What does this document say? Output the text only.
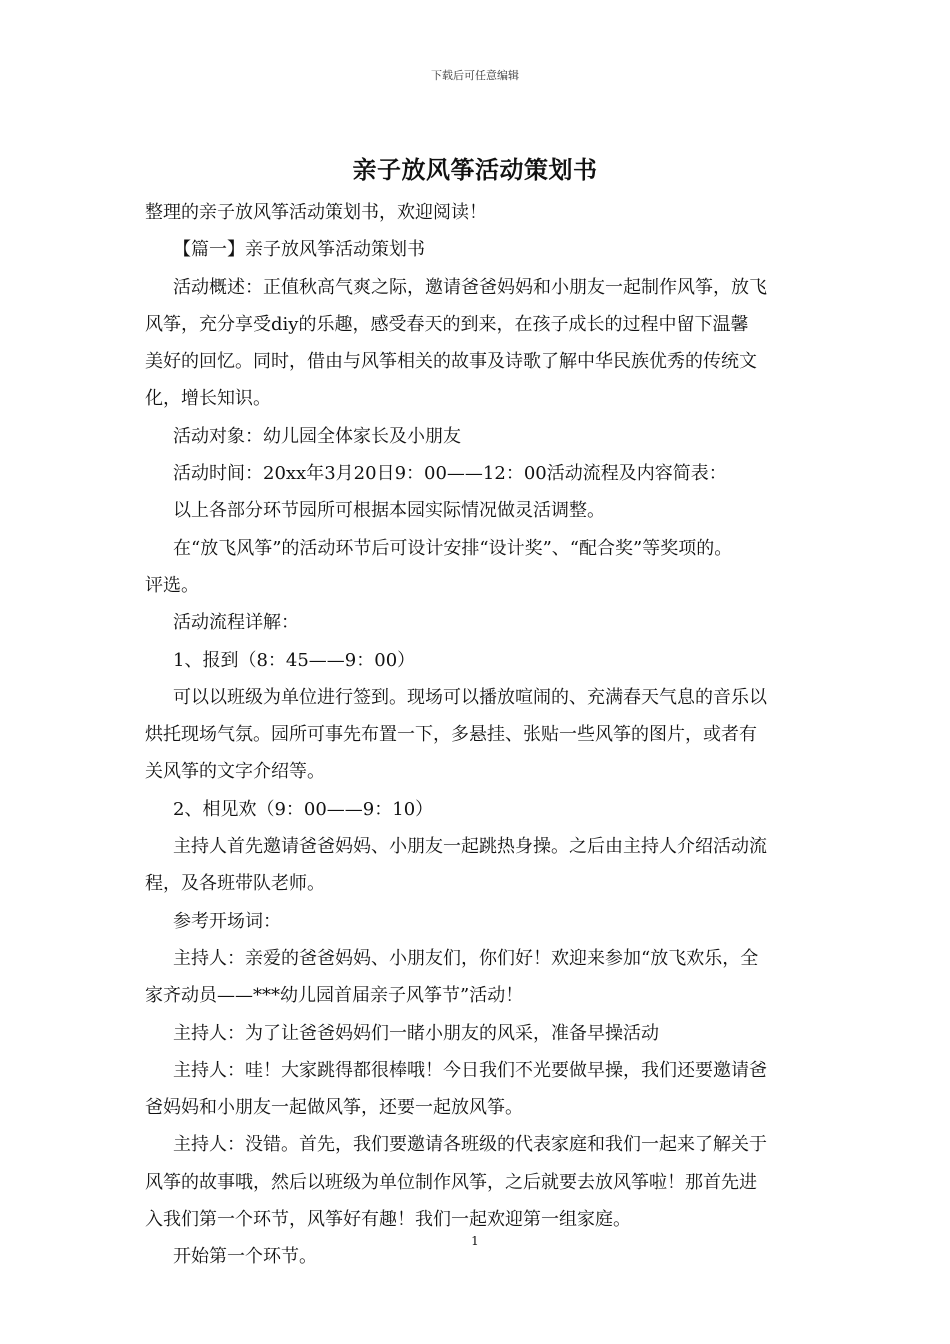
下载后可任意编辑
亲子放风筝活动策划书

整理的亲子放风筝活动策划书，欢迎阅读！

【篇一】亲子放风筝活动策划书

活动概述：正值秋高气爽之际，邀请爸爸妈妈和小朋友一起制作风筝，放飞

风筝，充分享受diy的乐趣，感受春天的到来，在孩子成长的过程中留下温馨

美好的回忆。同时，借由与风筝相关的故事及诗歌了解中华民族优秀的传统文

化，增长知识。

活动对象：幼儿园全体家长及小朋友

活动时间：20xx年3月20日9：00——12：00活动流程及内容简表：

以上各部分环节园所可根据本园实际情况做灵活调整。

在“放飞风筝”的活动环节后可设计安排“设计奖”、“配合奖”等奖项的。

评选。

活动流程详解：

1、报到（8：45——9：00）

可以以班级为单位进行签到。现场可以播放喧闹的、充满春天气息的音乐以

烘托现场气氛。园所可事先布置一下，多悬挂、张贴一些风筝的图片，或者有

关风筝的文字介绍等。

2、相见欢（9：00——9：10）

主持人首先邀请爸爸妈妈、小朋友一起跳热身操。之后由主持人介绍活动流

程，及各班带队老师。

参考开场词：

主持人：亲爱的爸爸妈妈、小朋友们，你们好！欢迎来参加“放飞欢乐，全

家齐动员——***幼儿园首届亲子风筝节”活动！

主持人：为了让爸爸妈妈们一睹小朋友的风采，准备早操活动

主持人：哇！大家跳得都很棒哦！今日我们不光要做早操，我们还要邀请爸

爸妈妈和小朋友一起做风筝，还要一起放风筝。

主持人：没错。首先，我们要邀请各班级的代表家庭和我们一起来了解关于

风筝的故事哦，然后以班级为单位制作风筝，之后就要去放风筝啦！那首先进

入我们第一个环节，风筝好有趣！我们一起欢迎第一组家庭。

开始第一个环节。

1
